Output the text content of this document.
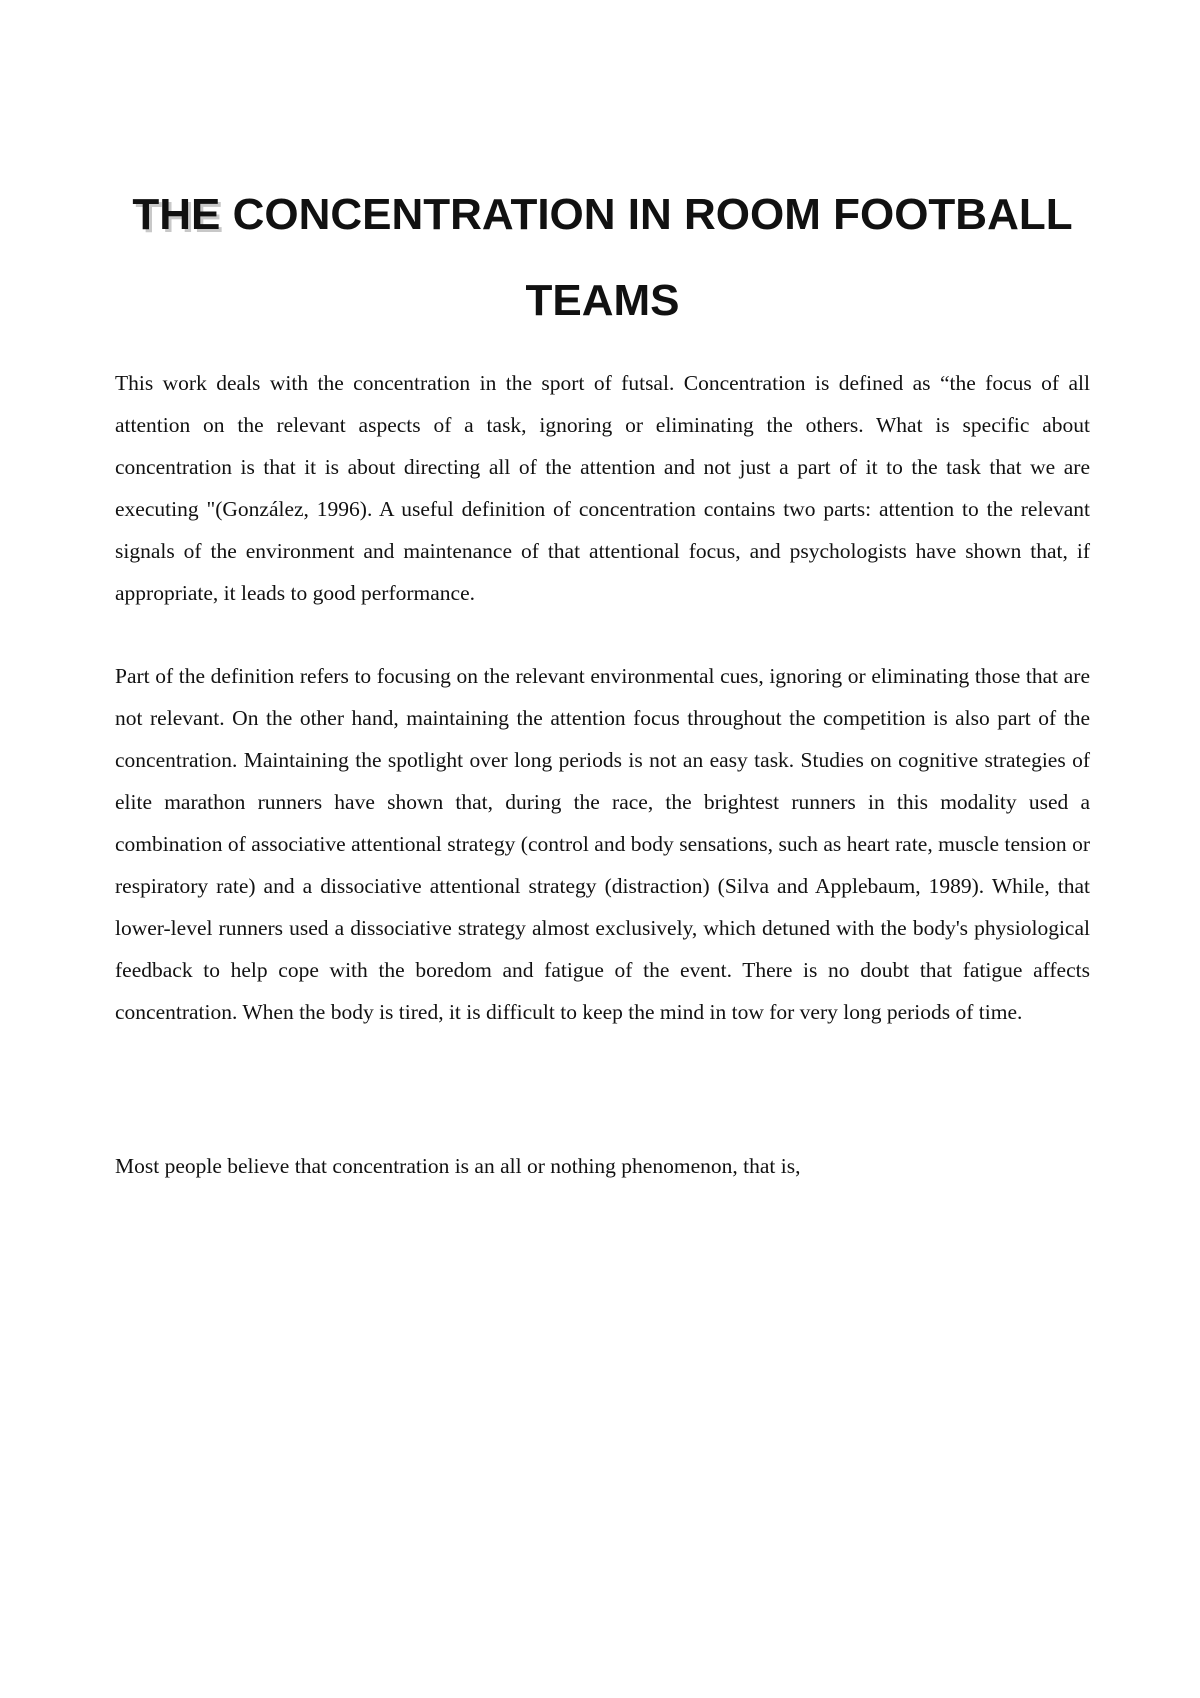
THE CONCENTRATION IN ROOM FOOTBALL TEAMS

This work deals with the concentration in the sport of futsal. Concentration is defined as “the focus of all attention on the relevant aspects of a task, ignoring or eliminating the others. What is specific about concentration is that it is about directing all of the attention and not just a part of it to the task that we are executing "(González, 1996). A useful definition of concentration contains two parts: attention to the relevant signals of the environment and maintenance of that attentional focus, and psychologists have shown that, if appropriate, it leads to good performance.

Part of the definition refers to focusing on the relevant environmental cues, ignoring or eliminating those that are not relevant. On the other hand, maintaining the attention focus throughout the competition is also part of the concentration. Maintaining the spotlight over long periods is not an easy task. Studies on cognitive strategies of elite marathon runners have shown that, during the race, the brightest runners in this modality used a combination of associative attentional strategy (control and body sensations, such as heart rate, muscle tension or respiratory rate) and a dissociative attentional strategy (distraction) (Silva and Applebaum, 1989). While, that lower-level runners used a dissociative strategy almost exclusively, which detuned with the body's physiological feedback to help cope with the boredom and fatigue of the event. There is no doubt that fatigue affects concentration. When the body is tired, it is difficult to keep the mind in tow for very long periods of time.

Most people believe that concentration is an all or nothing phenomenon, that is,
